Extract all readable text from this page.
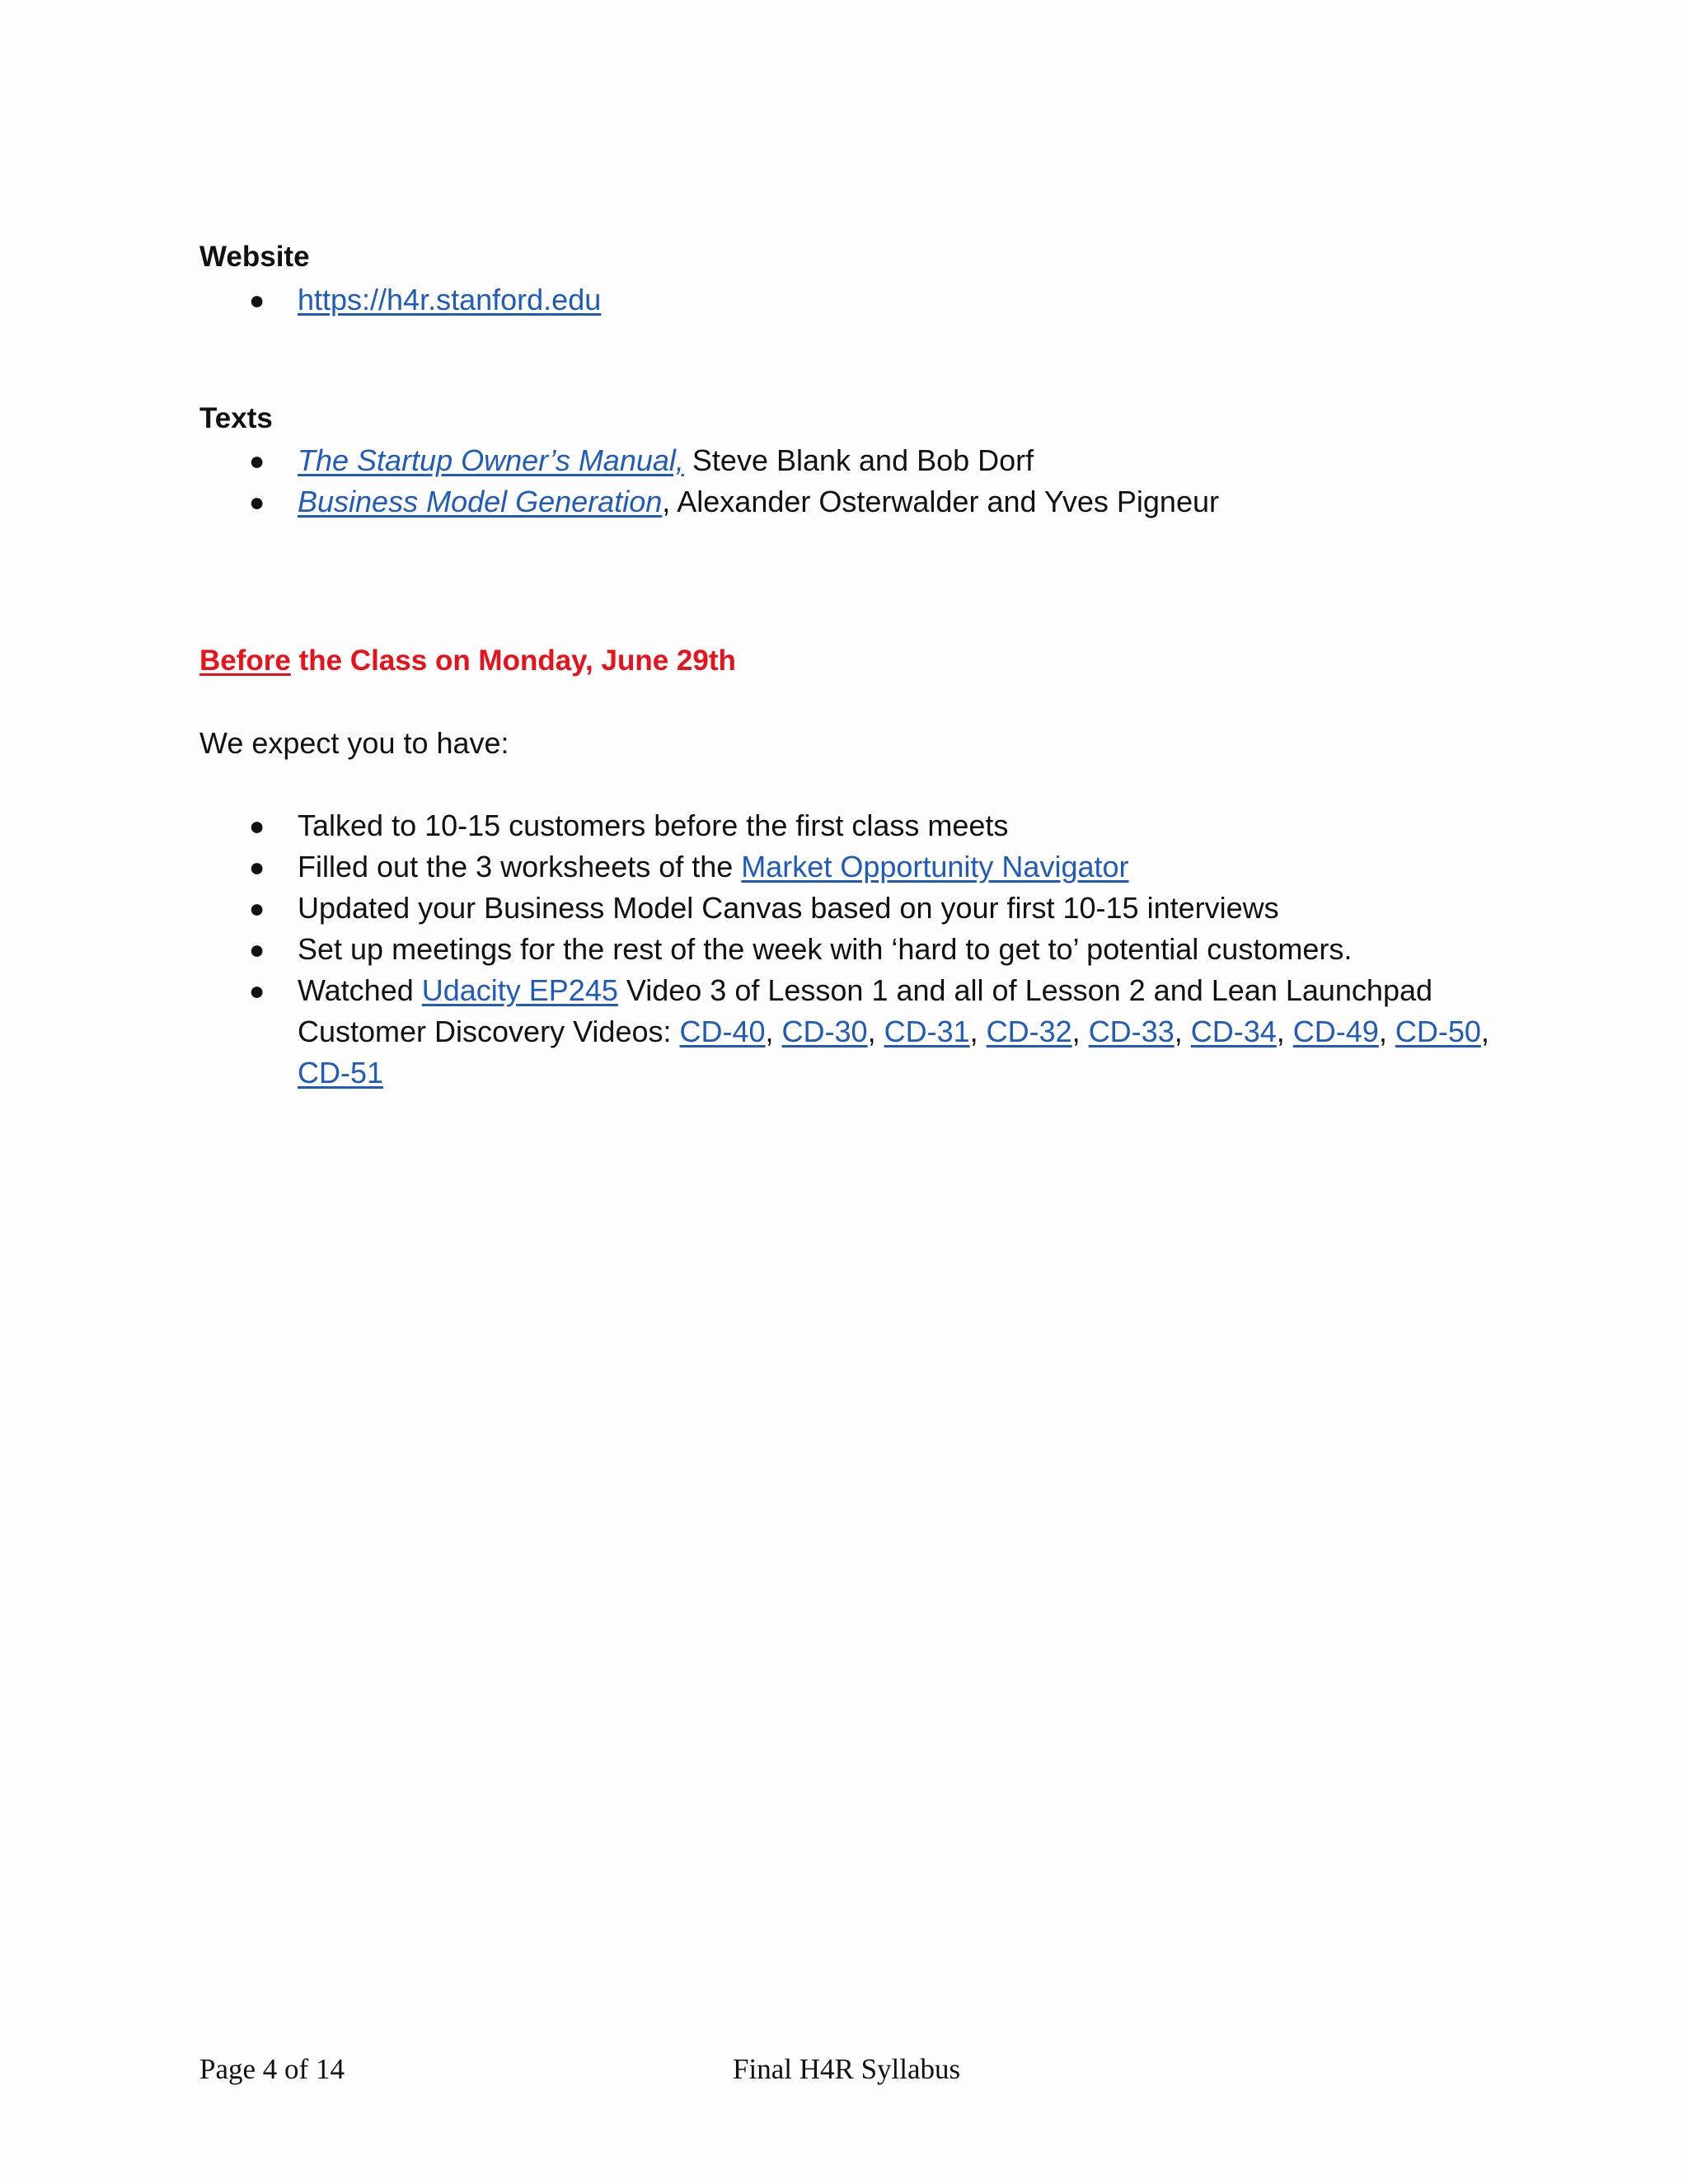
Website
● https://h4r.stanford.edu
Texts
● The Startup Owner’s Manual, Steve Blank and Bob Dorf
● Business Model Generation, Alexander Osterwalder and Yves Pigneur
Before the Class on Monday, June 29th

We expect you to have:

● Talked to 10-15 customers before the first class meets
● Filled out the 3 worksheets of the Market Opportunity Navigator
● Updated your Business Model Canvas based on your first 10-15 interviews
● Set up meetings for the rest of the week with ‘hard to get to’ potential customers.
● Watched Udacity EP245 Video 3 of Lesson 1 and all of Lesson 2 and Lean Launchpad
Customer Discovery Videos: CD-40, CD-30, CD-31, CD-32, CD-33, CD-34, CD-49, CD-50,
CD-51
Page 4 of 14	Final H4R Syllabus
